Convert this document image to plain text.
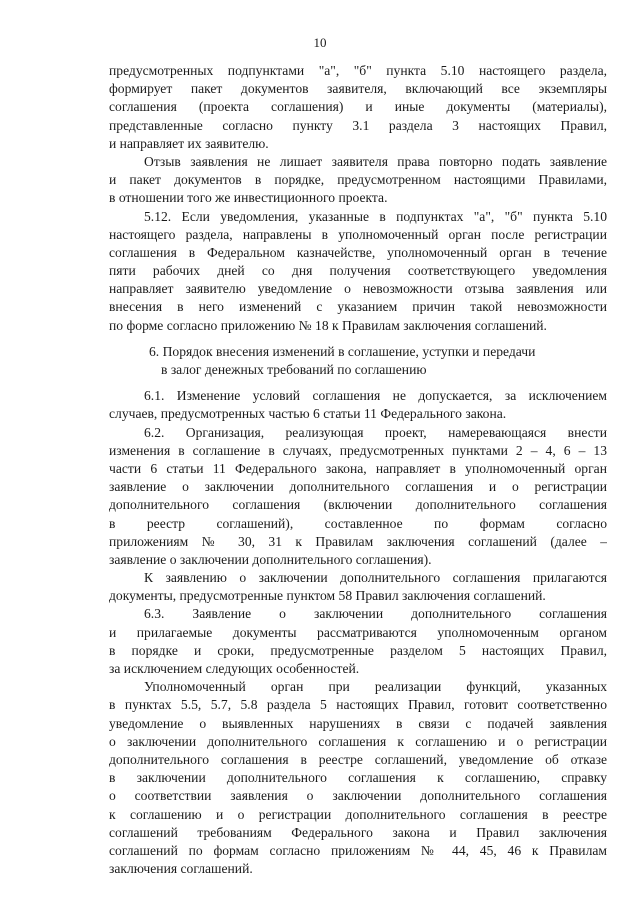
10
предусмотренных подпунктами "а", "б" пункта 5.10 настоящего раздела,
формирует пакет документов заявителя, включающий все экземпляры
соглашения (проекта соглашения) и иные документы (материалы),
представленные согласно пункту 3.1 раздела 3 настоящих Правил,
и направляет их заявителю.
Отзыв заявления не лишает заявителя права повторно подать заявление
и пакет документов в порядке, предусмотренном настоящими Правилами,
в отношении того же инвестиционного проекта.
5.12. Если уведомления, указанные в подпунктах "а", "б" пункта 5.10
настоящего раздела, направлены в уполномоченный орган после регистрации
соглашения в Федеральном казначействе, уполномоченный орган в течение
пяти рабочих дней со дня получения соответствующего уведомления
направляет заявителю уведомление о невозможности отзыва заявления или
внесения в него изменений с указанием причин такой невозможности
по форме согласно приложению № 18 к Правилам заключения соглашений.
6. Порядок внесения изменений в соглашение, уступки и передачи
в залог денежных требований по соглашению
6.1. Изменение условий соглашения не допускается, за исключением
случаев, предусмотренных частью 6 статьи 11 Федерального закона.
6.2. Организация, реализующая проект, намеревающаяся внести
изменения в соглашение в случаях, предусмотренных пунктами 2 – 4, 6 – 13
части 6 статьи 11 Федерального закона, направляет в уполномоченный орган
заявление о заключении дополнительного соглашения и о регистрации
дополнительного соглашения (включении дополнительного соглашения
в реестр соглашений), составленное по формам согласно
приложениям № 30, 31 к Правилам заключения соглашений (далее –
заявление о заключении дополнительного соглашения).
К заявлению о заключении дополнительного соглашения прилагаются
документы, предусмотренные пунктом 58 Правил заключения соглашений.
6.3. Заявление о заключении дополнительного соглашения
и прилагаемые документы рассматриваются уполномоченным органом
в порядке и сроки, предусмотренные разделом 5 настоящих Правил,
за исключением следующих особенностей.
Уполномоченный орган при реализации функций, указанных
в пунктах 5.5, 5.7, 5.8 раздела 5 настоящих Правил, готовит соответственно
уведомление о выявленных нарушениях в связи с подачей заявления
о заключении дополнительного соглашения к соглашению и о регистрации
дополнительного соглашения в реестре соглашений, уведомление об отказе
в заключении дополнительного соглашения к соглашению, справку
о соответствии заявления о заключении дополнительного соглашения
к соглашению и о регистрации дополнительного соглашения в реестре
соглашений требованиям Федерального закона и Правил заключения
соглашений по формам согласно приложениям № 44, 45, 46 к Правилам
заключения соглашений.
